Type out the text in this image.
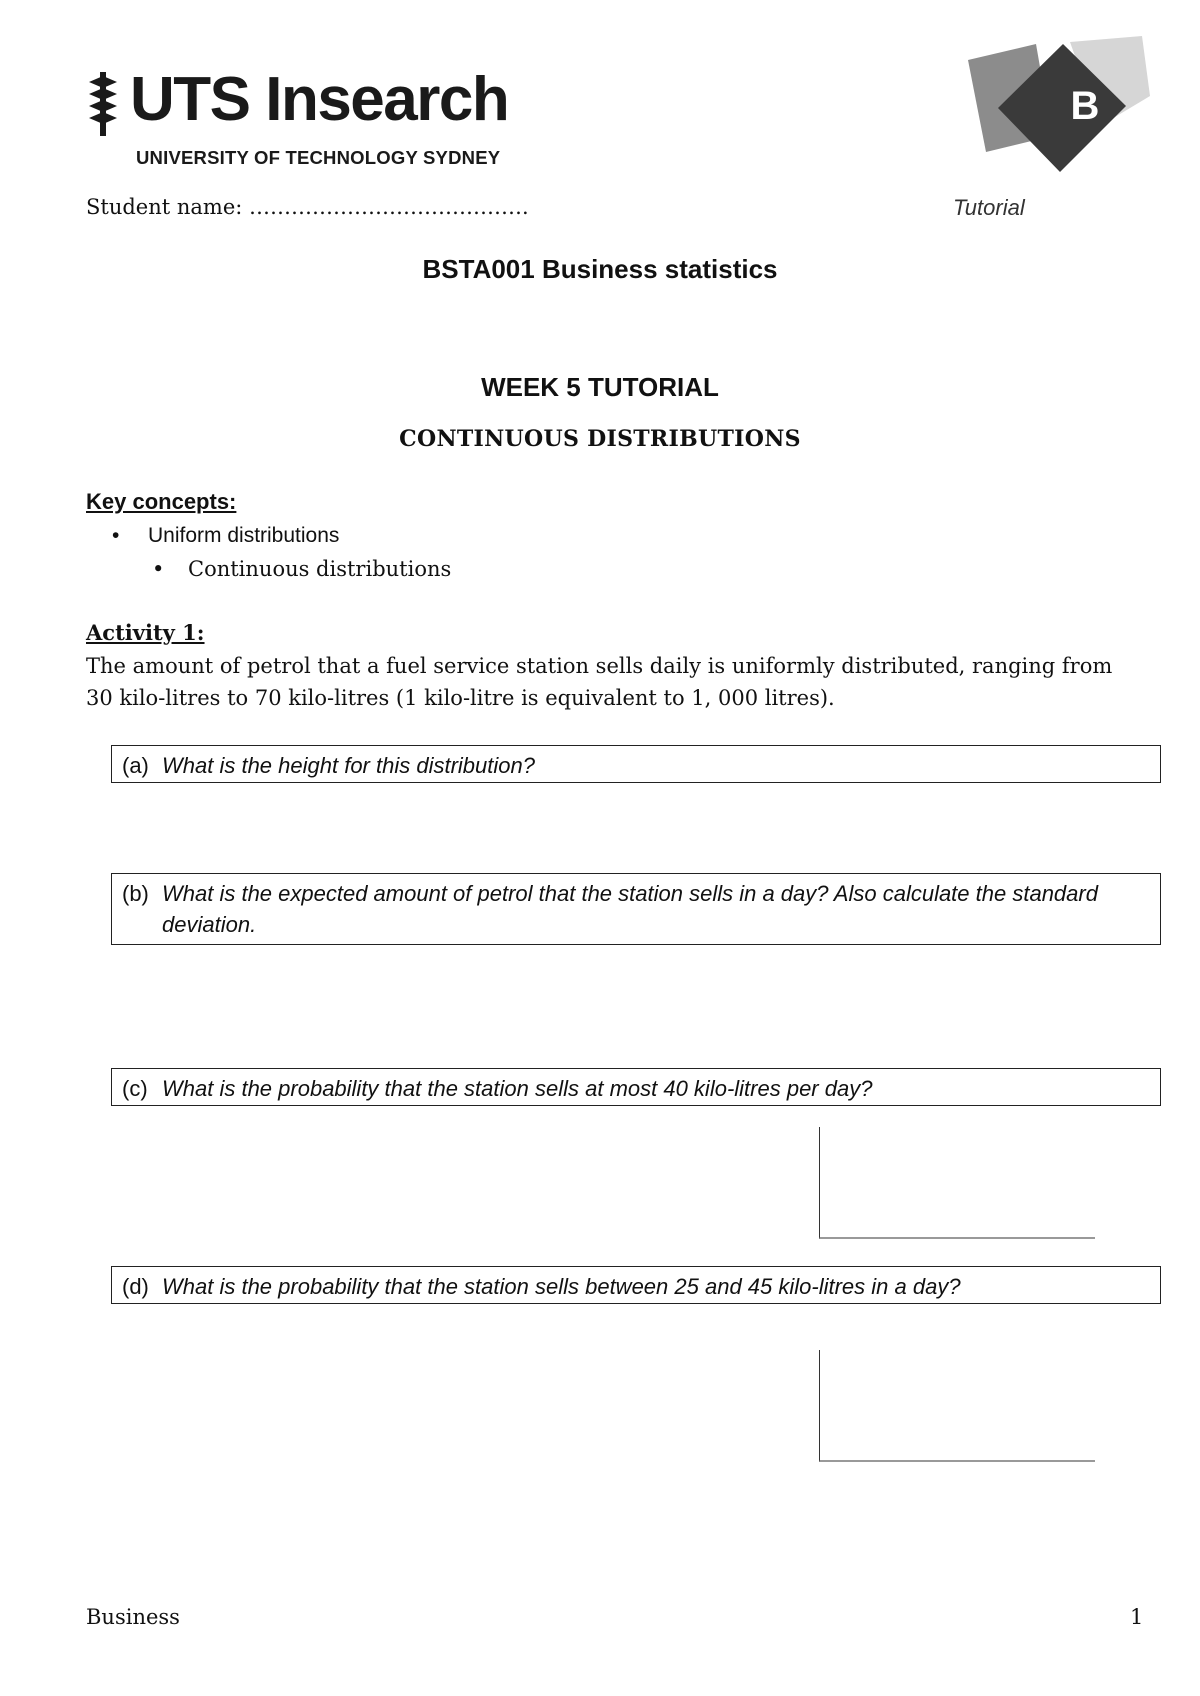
UTS Insearch
UNIVERSITY OF TECHNOLOGY SYDNEY
B
Student name: ………………………………….	Tutorial
BSTA001 Business statistics
WEEK 5 TUTORIAL
CONTINUOUS DISTRIBUTIONS
Key concepts:
• Uniform distributions
• Continuous distributions
Activity 1:
The amount of petrol that a fuel service station sells daily is uniformly distributed, ranging from 30 kilo-litres to 70 kilo-litres (1 kilo-litre is equivalent to 1, 000 litres).
(a) What is the height for this distribution?
(b) What is the expected amount of petrol that the station sells in a day? Also calculate the standard deviation.
(c) What is the probability that the station sells at most 40 kilo-litres per day?
(d) What is the probability that the station sells between 25 and 45 kilo-litres in a day?
Business	1
